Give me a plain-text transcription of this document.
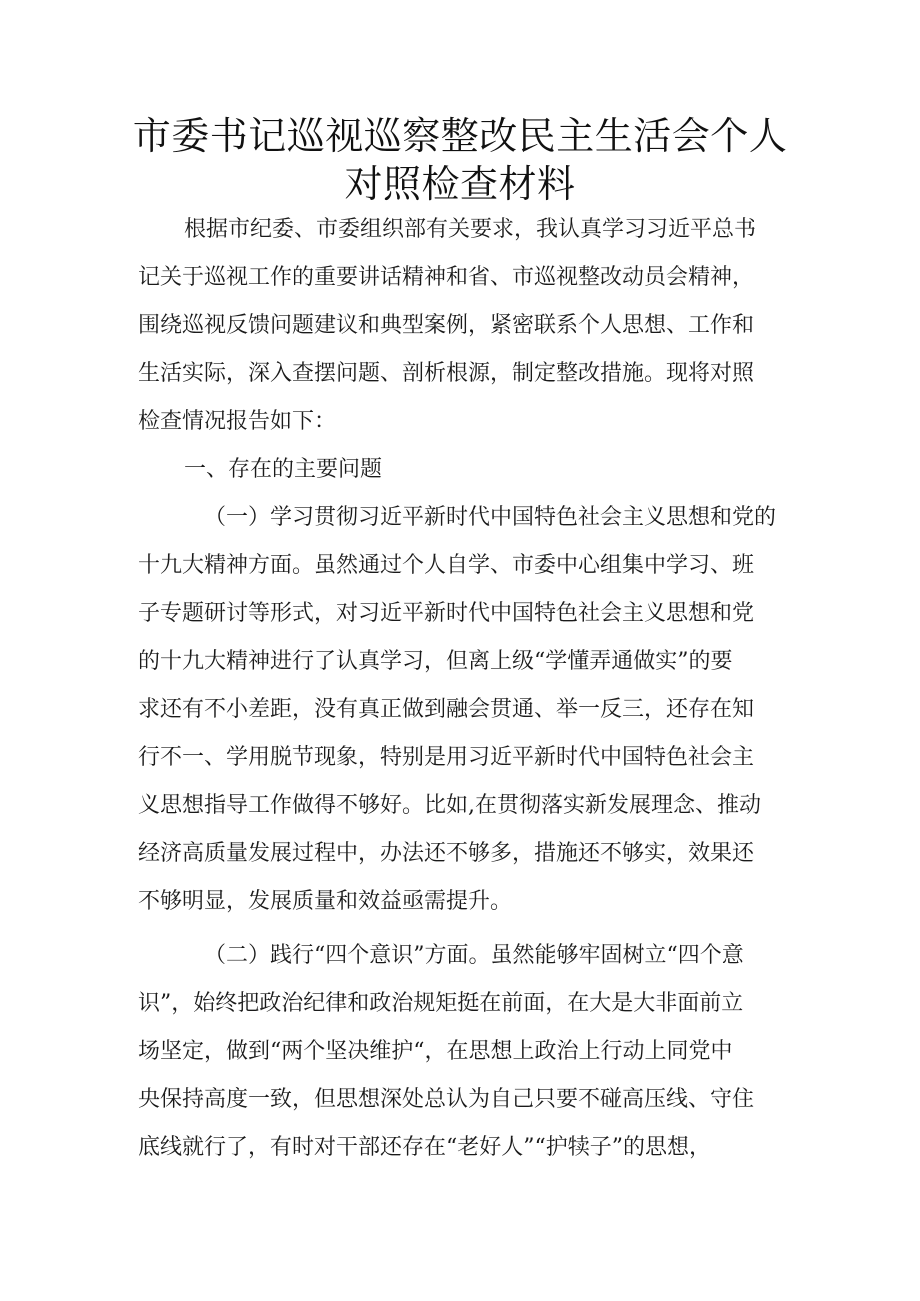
市委书记巡视巡察整改民主生活会个人
对照检查材料
根据市纪委、市委组织部有关要求，我认真学习习近平总书
记关于巡视工作的重要讲话精神和省、市巡视整改动员会精神，
围绕巡视反馈问题建议和典型案例，紧密联系个人思想、工作和
生活实际，深入查摆问题、剖析根源，制定整改措施。现将对照
检查情况报告如下：
一、存在的主要问题
（一）学习贯彻习近平新时代中国特色社会主义思想和党的
十九大精神方面。虽然通过个人自学、市委中心组集中学习、班
子专题研讨等形式，对习近平新时代中国特色社会主义思想和党
的十九大精神进行了认真学习，但离上级“学懂弄通做实”的要
求还有不小差距，没有真正做到融会贯通、举一反三，还存在知
行不一、学用脱节现象，特别是用习近平新时代中国特色社会主
义思想指导工作做得不够好。比如,在贯彻落实新发展理念、推动
经济高质量发展过程中，办法还不够多，措施还不够实，效果还
不够明显，发展质量和效益亟需提升。
（二）践行“四个意识”方面。虽然能够牢固树立“四个意
识”，始终把政治纪律和政治规矩挺在前面，在大是大非面前立
场坚定，做到“两个坚决维护“，在思想上政治上行动上同党中
央保持高度一致，但思想深处总认为自己只要不碰高压线、守住
底线就行了，有时对干部还存在“老好人”“护犊子”的思想，
